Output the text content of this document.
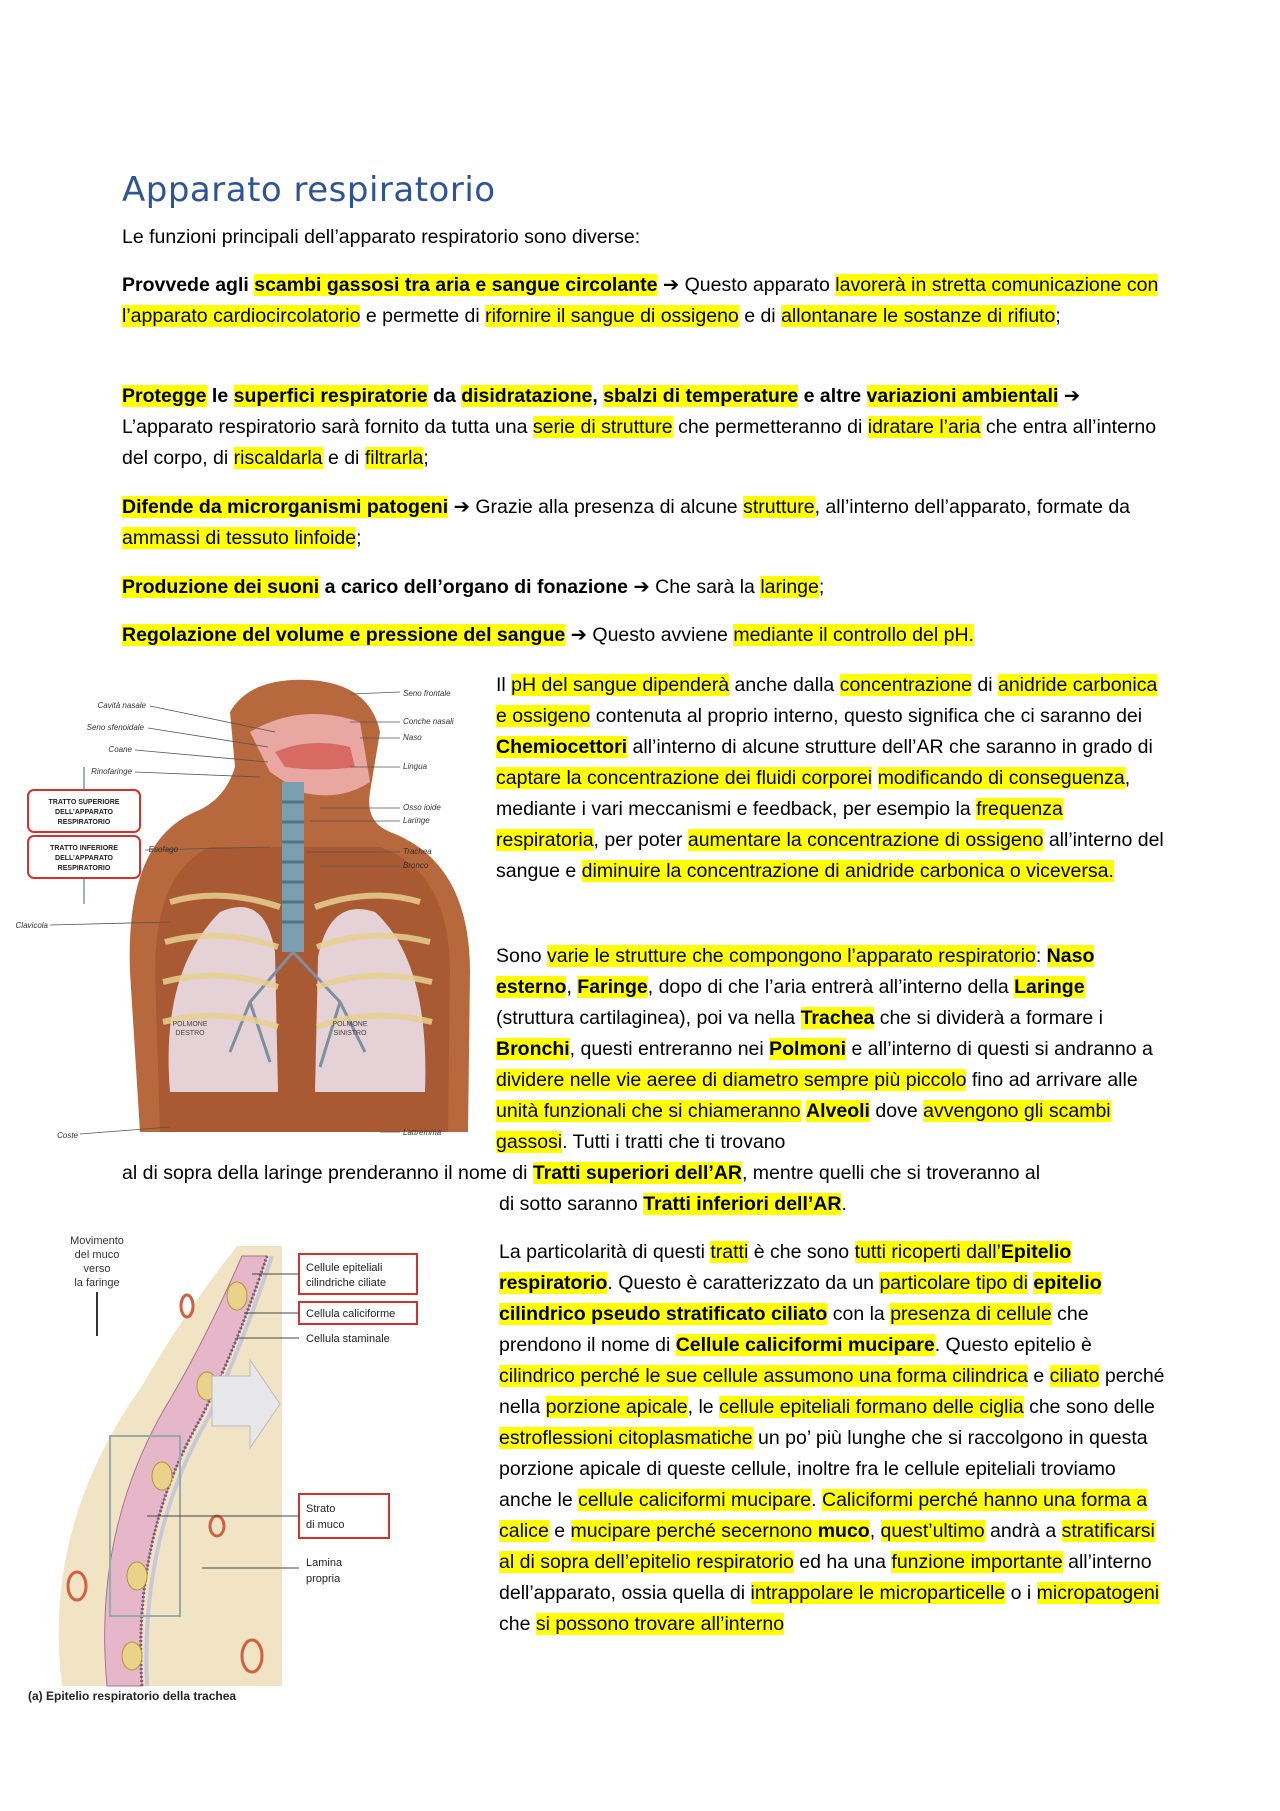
Apparato respiratorio
Le funzioni principali dell’apparato respiratorio sono diverse:
Provvede agli scambi gassosi tra aria e sangue circolante ➔ Questo apparato lavorerà in stretta comunicazione con l’apparato cardiocircolatorio e permette di rifornire il sangue di ossigeno e di allontanare le sostanze di rifiuto;
Protegge le superfici respiratorie da disidratazione, sbalzi di temperature e altre variazioni ambientali ➔ L’apparato respiratorio sarà fornito da tutta una serie di strutture che permetteranno di idratare l’aria che entra all’interno del corpo, di riscaldarla e di filtrarla;
Difende da microrganismi patogeni ➔ Grazie alla presenza di alcune strutture, all’interno dell’apparato, formate da ammassi di tessuto linfoide;
Produzione dei suoni a carico dell’organo di fonazione ➔ Che sarà la laringe;
Regolazione del volume e pressione del sangue ➔ Questo avviene mediante il controllo del pH.
Cavità nasale
Seno sfenoidale
Coane
Rinofaringe
Esofago
Clavicola
Coste
Seno frontale
Conche nasali
Naso
Lingua
Osso ioide
Laringe
Trachea
Bronco
Lattremma
TRATTO SUPERIORE
DELL’APPARATO
RESPIRATORIO
TRATTO INFERIORE
DELL’APPARATO
RESPIRATORIO
POLMONE
DESTRO
POLMONE
SINISTRO
Il pH del sangue dipenderà anche dalla concentrazione di anidride carbonica e ossigeno contenuta al proprio interno, questo significa che ci saranno dei Chemiocettori all’interno di alcune strutture dell’AR che saranno in grado di captare la concentrazione dei fluidi corporei modificando di conseguenza, mediante i vari meccanismi e feedback, per esempio la frequenza respiratoria, per poter aumentare la concentrazione di ossigeno all’interno del sangue e diminuire la concentrazione di anidride carbonica o viceversa.
Sono varie le strutture che compongono l’apparato respiratorio: Naso esterno, Faringe, dopo di che l’aria entrerà all’interno della Laringe (struttura cartilaginea), poi va nella Trachea che si dividerà a formare i Bronchi, questi entreranno nei Polmoni e all’interno di questi si andranno a dividere nelle vie aeree di diametro sempre più piccolo fino ad arrivare alle unità funzionali che si chiameranno Alveoli dove avvengono gli scambi gassosi. Tutti i tratti che ti trovano
al di sopra della laringe prenderanno il nome di Tratti superiori dell’AR, mentre quelli che si troveranno al
di sotto saranno Tratti inferiori dell’AR.
Movimento
del muco
verso
la faringe
Cellule epiteliali
cilindriche ciliate
Cellula caliciforme
Cellula staminale
Strato
di muco
Lamina
propria
(a) Epitelio respiratorio della trachea
La particolarità di questi tratti è che sono tutti ricoperti dall’Epitelio respiratorio. Questo è caratterizzato da un particolare tipo di epitelio cilindrico pseudo stratificato ciliato con la presenza di cellule che prendono il nome di Cellule caliciformi mucipare. Questo epitelio è cilindrico perché le sue cellule assumono una forma cilindrica e ciliato perché nella porzione apicale, le cellule epiteliali formano delle ciglia che sono delle estroflessioni citoplasmatiche un po’ più lunghe che si raccolgono in questa porzione apicale di queste cellule, inoltre fra le cellule epiteliali troviamo anche le cellule caliciformi mucipare. Caliciformi perché hanno una forma a calice e mucipare perché secernono muco, quest’ultimo andrà a stratificarsi al di sopra dell’epitelio respiratorio ed ha una funzione importante all’interno dell’apparato, ossia quella di intrappolare le microparticelle o i micropatogeni che si possono trovare all’interno
